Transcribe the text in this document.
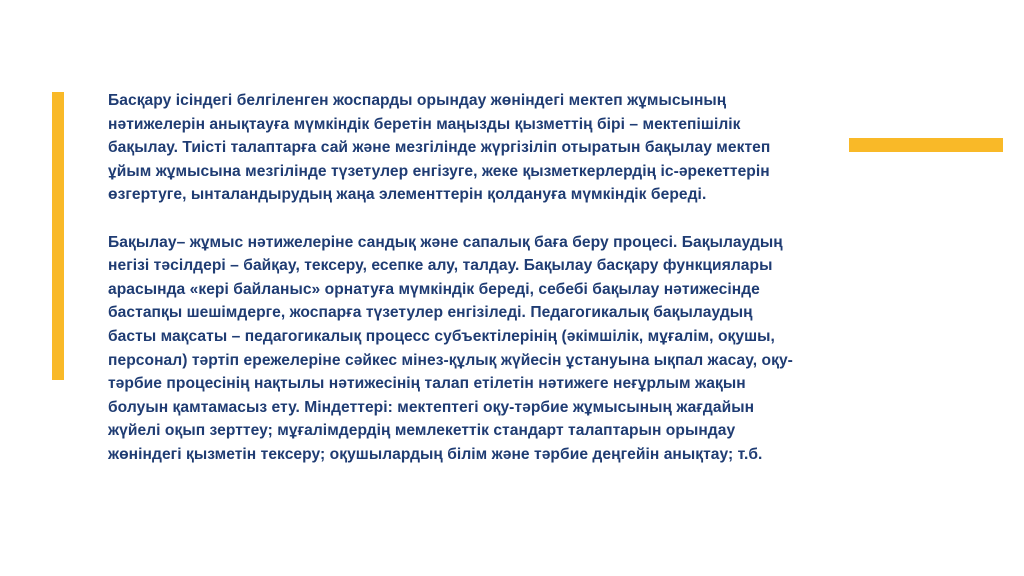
Басқару ісіндегі белгіленген жоспарды орындау жөніндегі мектеп жұмысының
нәтижелерін анықтауға мүмкіндік беретін маңызды қызметтің бірі – мектепішілік
бақылау. Тиісті талаптарға сай және мезгілінде жүргізіліп отыратын бақылау мектеп
ұйым жұмысына мезгілінде түзетулер енгізуге, жеке қызметкерлердің іс-әрекеттерін
өзгертуге, ынталандырудың жаңа элементтерін қолдануға мүмкіндік береді.

Бақылау– жұмыс нәтижелеріне сандық және сапалық баға беру процесі. Бақылаудың
негізі тәсілдері – байқау, тексеру, есепке алу, талдау. Бақылау басқару функциялары
арасында «кері байланыс» орнатуға мүмкіндік береді, себебі бақылау нәтижесінде
бастапқы шешімдерге, жоспарға түзетулер енгізіледі. Педагогикалық бақылаудың
басты мақсаты – педагогикалық процесс субъектілерінің (әкімшілік, мұғалім, оқушы,
персонал) тәртіп ережелеріне сәйкес мінез-құлық жүйесін ұстануына ықпал жасау, оқу-
тәрбие процесінің нақтылы нәтижесінің талап етілетін нәтижеге неғұрлым жақын
болуын қамтамасыз ету. Міндеттері: мектептегі оқу-тәрбие жұмысының жағдайын
жүйелі оқып зерттеу; мұғалімдердің мемлекеттік стандарт талаптарын орындау
жөніндегі қызметін тексеру; оқушылардың білім және тәрбие деңгейін анықтау; т.б.
